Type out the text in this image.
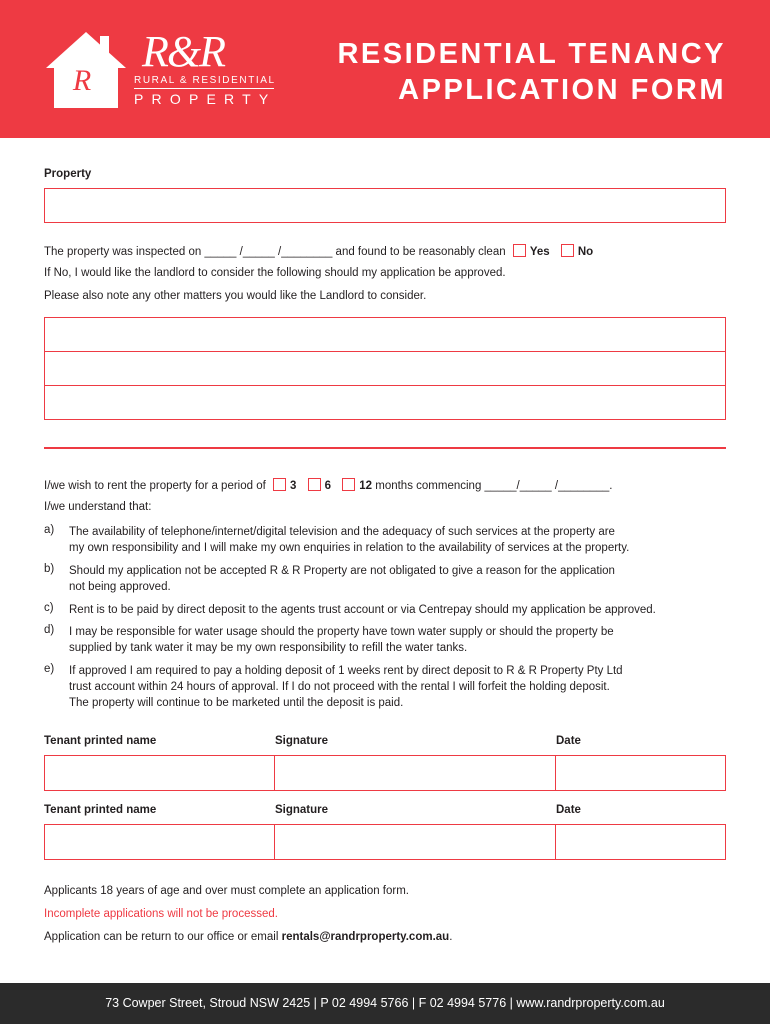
R
R&R
RURAL & RESIDENTIAL
PROPERTY
RESIDENTIAL TENANCY
APPLICATION FORM
Property
The property was inspected on _____ /_____ /________ and found to be reasonably clean Yes No
If No, I would like the landlord to consider the following should my application be approved.
Please also note any other matters you would like the Landlord to consider.
I/we wish to rent the property for a period of 3 6 12 months commencing _____/_____ /________.
I/we understand that:
a)	The availability of telephone/internet/digital television and the adequacy of such services at the property are
my own responsibility and I will make my own enquiries in relation to the availability of services at the property.
b)	Should my application not be accepted R & R Property are not obligated to give a reason for the application
not being approved.
c)	Rent is to be paid by direct deposit to the agents trust account or via Centrepay should my application be approved.
d)	I may be responsible for water usage should the property have town water supply or should the property be
supplied by tank water it may be my own responsibility to refill the water tanks.
e)	If approved I am required to pay a holding deposit of 1 weeks rent by direct deposit to R & R Property Pty Ltd
trust account within 24 hours of approval. If I do not proceed with the rental I will forfeit the holding deposit.
The property will continue to be marketed until the deposit is paid.
Tenant printed name	Signature	Date
Tenant printed name	Signature	Date
Applicants 18 years of age and over must complete an application form.
Incomplete applications will not be processed.
Application can be return to our office or email rentals@randrproperty.com.au.
73 Cowper Street, Stroud NSW 2425 | P 02 4994 5766 | F 02 4994 5776 | www.randrproperty.com.au
